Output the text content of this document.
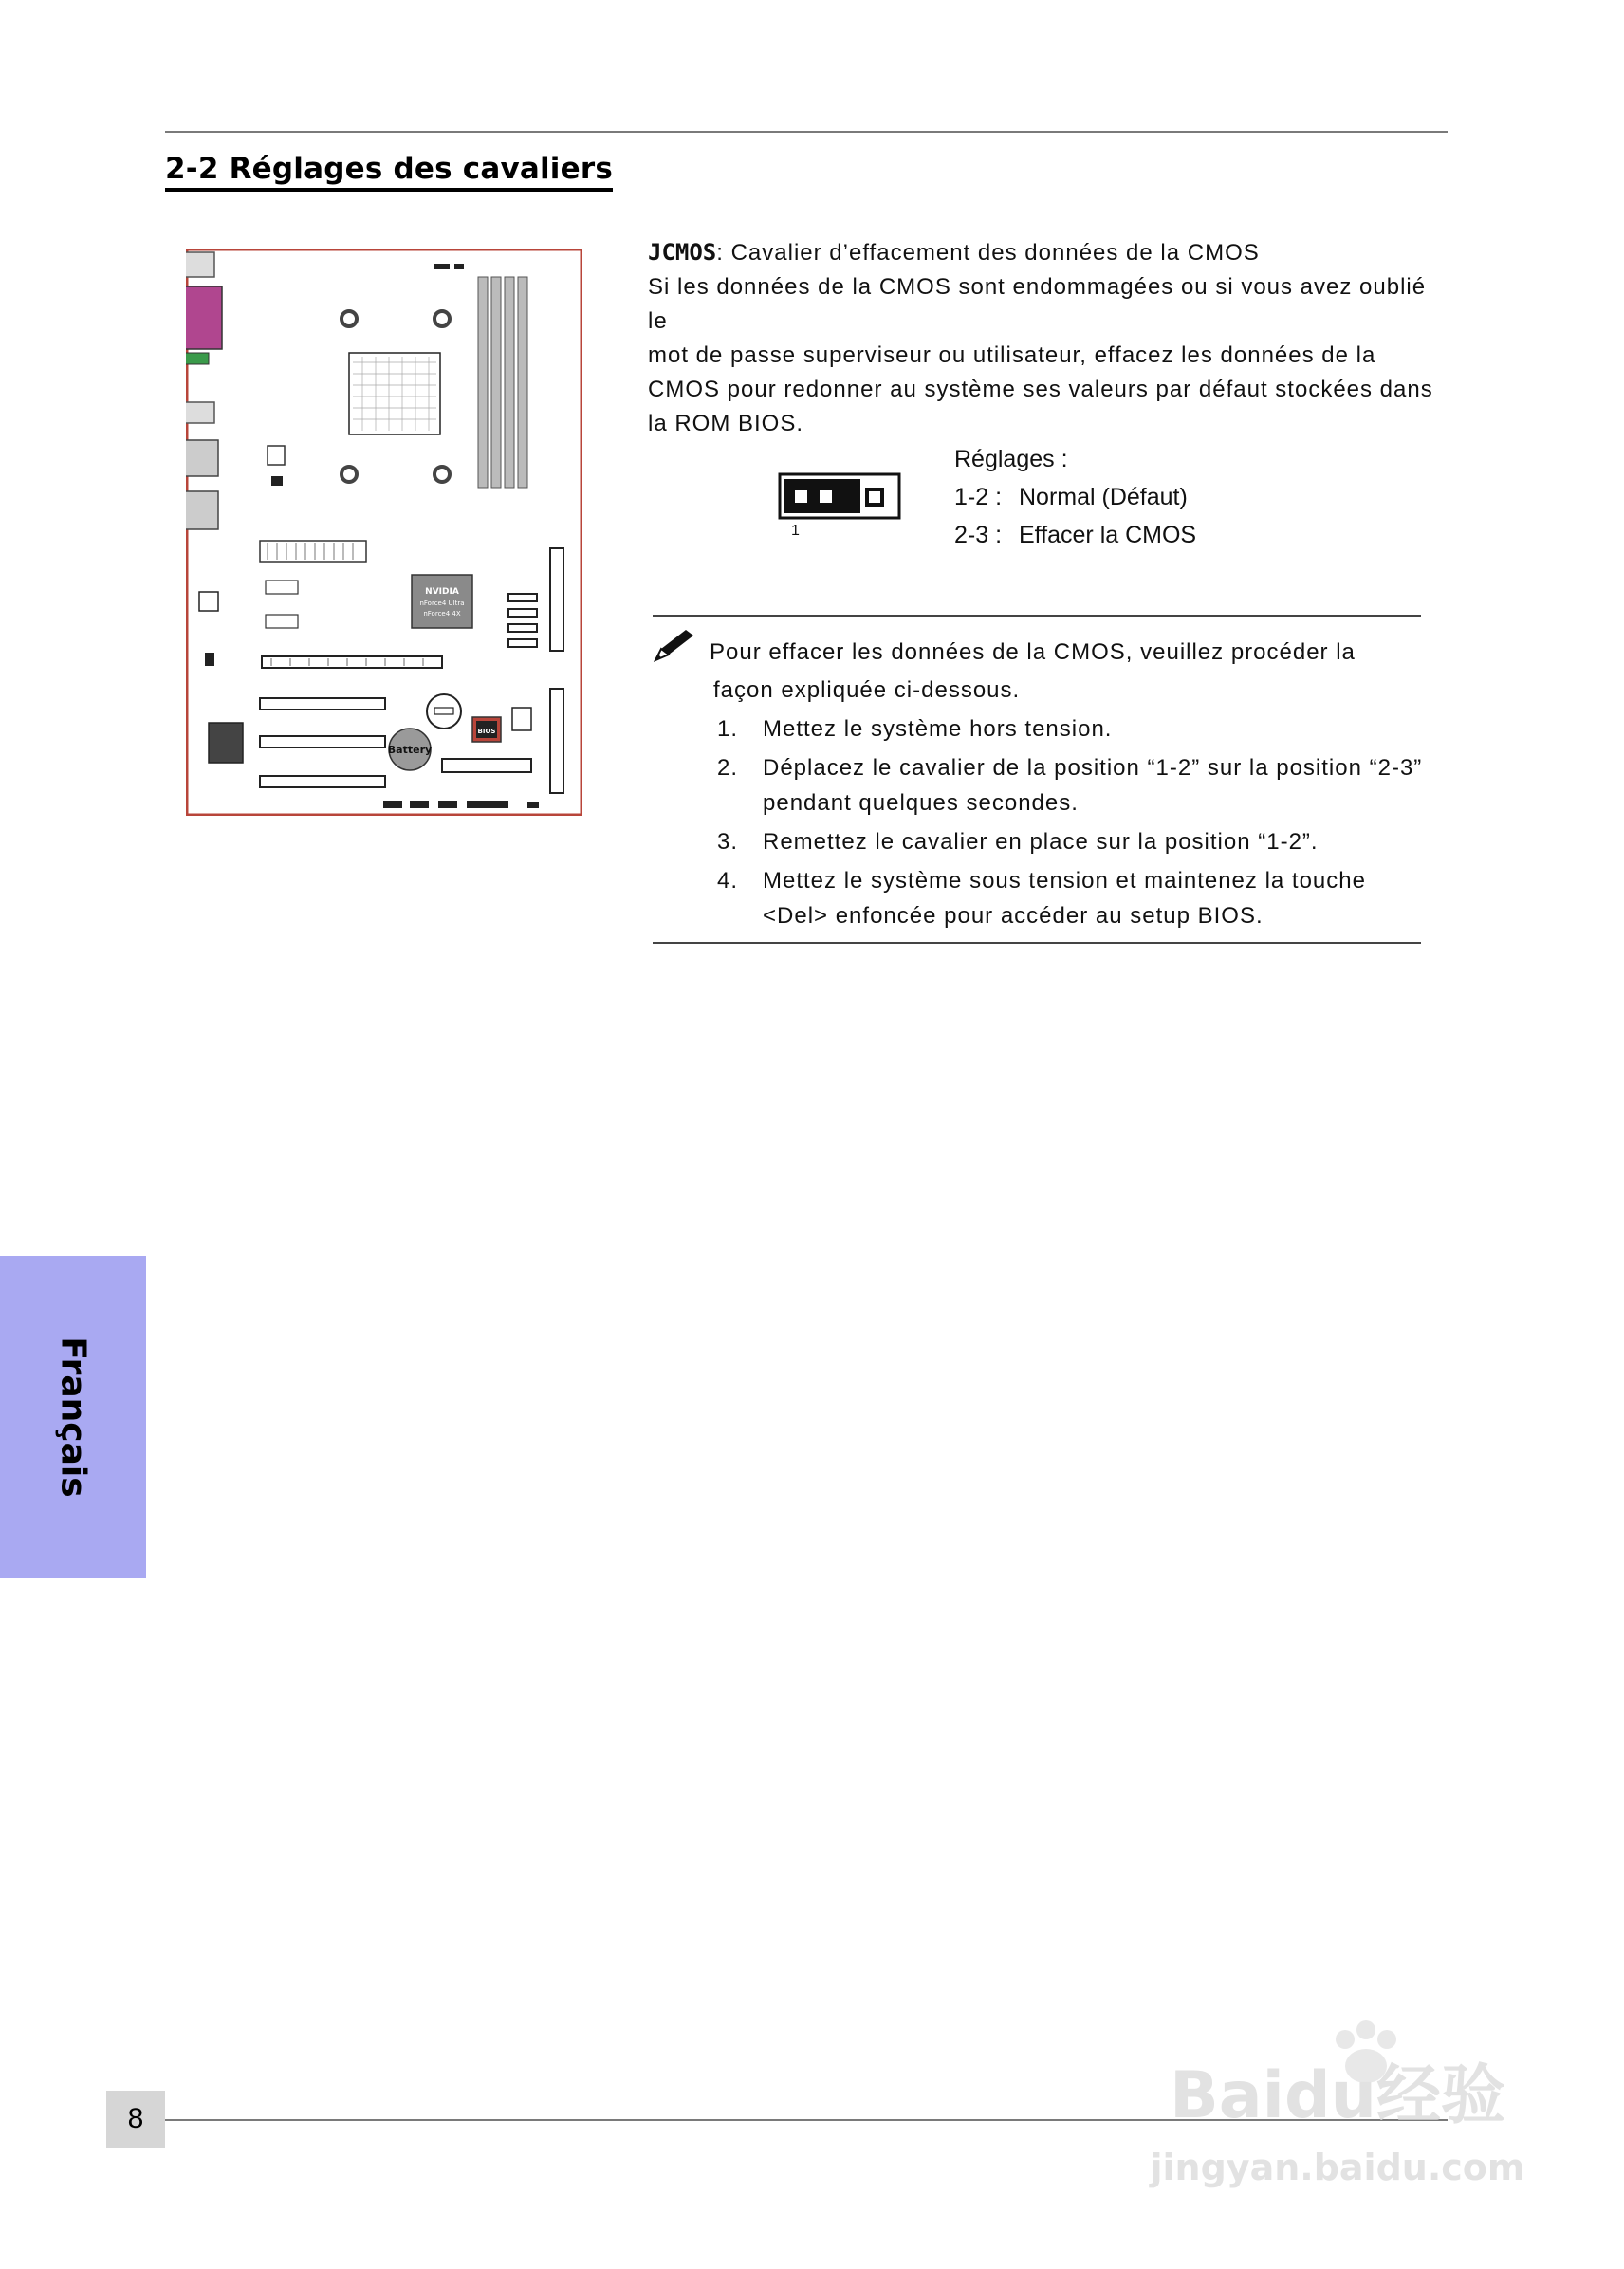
2-2 Réglages des cavaliers
NVIDIA
nForce4 Ultra
nForce4 4X
Battery
BIOS

JCMOS: Cavalier d’effacement des données de la CMOS

Si les données de la CMOS sont endommagées ou si vous avez oublié le

mot de passe superviseur ou utilisateur, effacez les données de la

CMOS pour redonner au système ses valeurs par défaut stockées dans

la ROM BIOS.

1
Réglages :
1-2 : Normal (Défaut)
2-3 : Effacer la CMOS
Pour effacer les données de la CMOS, veuillez procéder la
façon expliquée ci-dessous.
1. Mettez le système hors tension.
2. Déplacez le cavalier de la position “1-2” sur la position “2-3” pendant quelques secondes.
3. Remettez le cavalier en place sur la position “1-2”.
4. Mettez le système sous tension et maintenez la touche <Del> enfoncée pour accéder au setup BIOS.
Français
8	Baidu经验
jingyan.baidu.com
